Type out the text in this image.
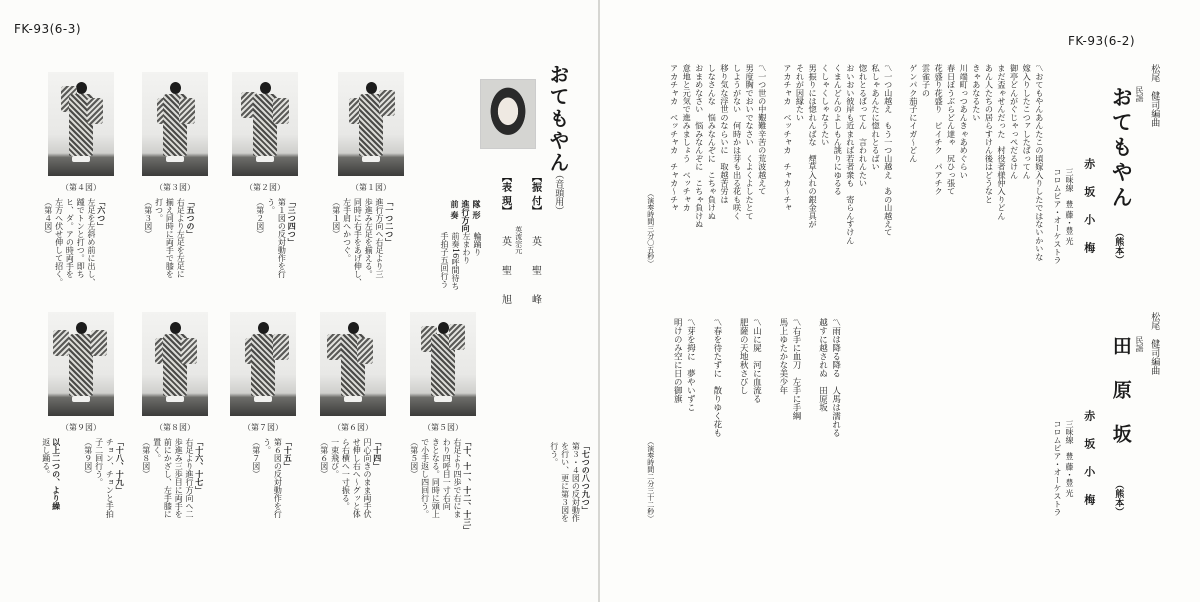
FK-93(6-3)
おてもやん
（音頭用）
【振 付】
英 聖 峰
英流宗元
【表 現】
英 聖 旭
隊 形
輪踊り
進行方向
左まわり
前 奏
前奏16呼間待ち
手拍子五回行う
（第１図）
（第２図）
（第３図）
（第４図）
「一つ二つ」
進行方向へ右足より三
歩進み左足を揃える。
同時に右手をあげ伸し、
左手肩へかつぐ。
（第１図）
「三つ四つ」
第１図の反対動作を行
う。
（第２図）
「五つの」
右足より左足を左足に
揃え同時に両手で膝を
打つ。
（第３図）
「六つ」
左足を左斜め前に出し、
踵でトンと打つ。即ち
ヒ、ダ。アの時両手を
左方へ伏せ伸して招く。
（第４図）
（第５図）
（第６図）
（第７図）
（第８図）
（第９図）
「七つの八つ九つ」
第３・４図の反対動作
を行い、更に第３図を
行う。
「十、十一、十二、十三」
右足より四歩で右にま
わり四呼目一寸右向
きとなる。同時に頭上
で小手返し四回行う。
（第５図）
「十四」
円心向きのまま両手伏
せ伸し右へ〜グッと体
ら右横へ一寸振る。
一束飛び。
（第６図）
「十五」
第６図の反対動作を行
う。
（第７図）
「十六、十七」
右足より進行方向へ二
歩進み三歩目に両手を
前にかざし、左手膝に
置く。
（第８図）
「十八、十九」
チョン、チョンと手拍
子二回行う。
（第９図）
以上二つの、より繰
返し踊る。
FK-93(6-2)
松尾　健司編曲
民謡
おてもやん
（熊本）
赤　坂　小　梅
三味線　豊 藤・豊 光
コロムビア・オーケストラ
〽おてもやんあんたこの頃嫁入りしたではないかいな
嫁入りしたこつァしたばってん
御亭どんがぐじゃっぺだるけん
まだ盃ゃせんだった　村役者様仲入りどん
あん人たちの居らすけん後はどうなと
きゃあなるたい
川端町っつあんきゃあめぐらい
春日ぼうぶらどん達ゃ　尻ひっ張て
花盛り花盛り　ピイチク　パアチク
雲雀子の　
ゲンパク茄子にイガ〜どん

〽一つ山越え　もう一つ山越え　あの山越えて
私しゃあんたに惚れとるばい
惚れとるばってん　言われんたい
おいおい彼岸も近まれば若者衆も　寄らんすけん
くまんどんのよしもん誂りにゆるる
くしゃくしゃなうたい
男振りには惚れんばな　煙草入れの銀金具が
それが因縁たい
アカチャカ　ベッチャカ　チャカ〜チャ

〽一つ世の中艱難辛苦の荒波越えて
男度胸でおいでなさい　くよくよしたとて
しようがない　何時かは芽も出る花も咲く
移り気な浮世のならいに　取越苦労は
しなさんな　悩みなんぞに　こちゃ負けぬ
おまめなさい　悩みなんぞに　こちゃ負けぬ
意地と元気で進みましょう　ベッチャカ
アカチャカ　ベッチャカ　チャカ〜チャ

（演奏時間三分〇五秒）
松尾　健司編曲
民謡
田　原　坂
（熊本）
赤　坂　小　梅
三味線　豊 藤・豊 光
コロムビア・オーケストラ
〽雨は降る降る　人馬は濡れる
越すに越されぬ　田原坂

〽右手に血刀　左手に手綱
馬上ゆたかな美少年

〽山に屍　河に血流る
肥薩の天地秋さびし

〽春を待たずに　散りゆく花も

〽芽を拇に　夢やいずこ
明けのみ空に日の御旗

（演奏時間二分三十二秒）
